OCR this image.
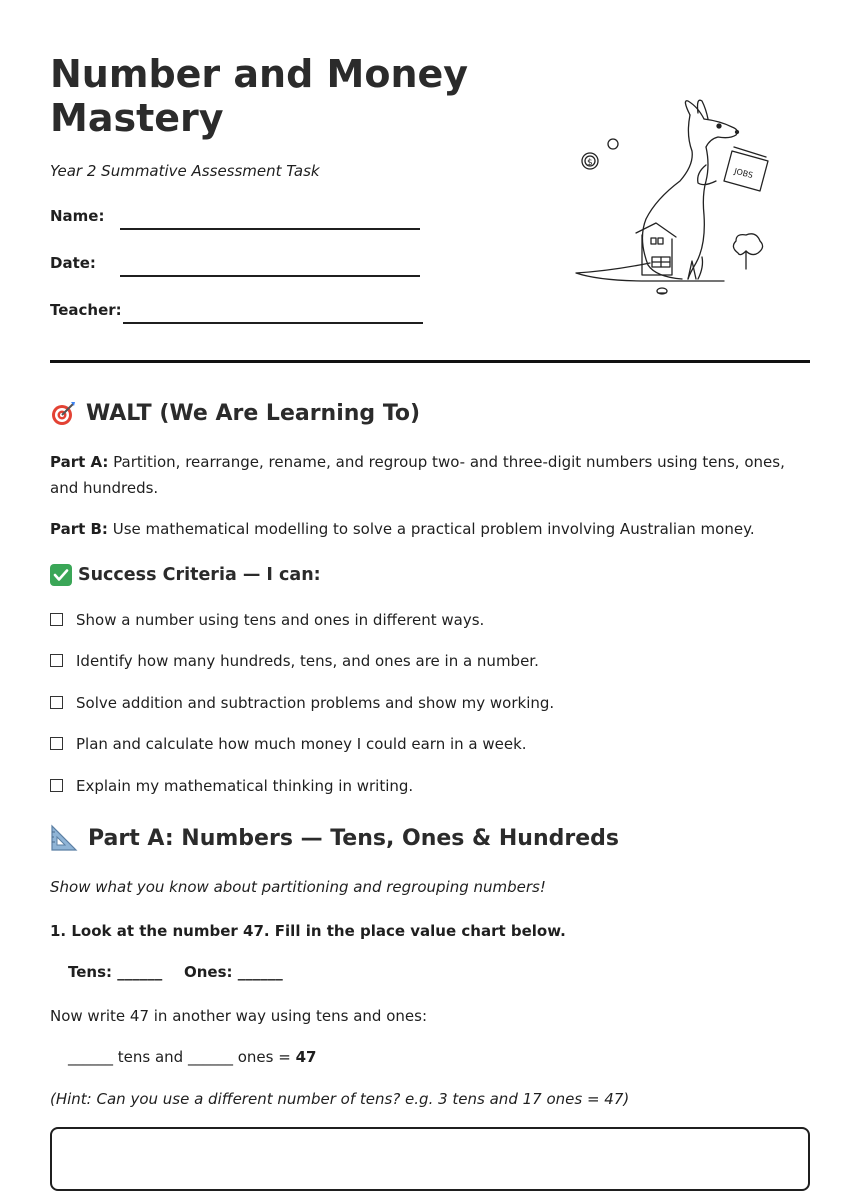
Number and Money Mastery

Year 2 Summative Assessment Task

Name:
Date:
Teacher:
$
JOBS
WALT (We Are Learning To)

Part A: Partition, rearrange, rename, and regroup two- and three-digit numbers using tens, ones, and hundreds.

Part B: Use mathematical modelling to solve a practical problem involving Australian money.

Success Criteria — I can:
Show a number using tens and ones in different ways.
Identify how many hundreds, tens, and ones are in a number.
Solve addition and subtraction problems and show my working.
Plan and calculate how much money I could earn in a week.
Explain my mathematical thinking in writing.
Part A: Numbers — Tens, Ones & Hundreds

Show what you know about partitioning and regrouping numbers!

1. Look at the number 47. Fill in the place value chart below.
Tens: ______ Ones: ______

Now write 47 in another way using tens and ones:

______ tens and ______ ones = 47

(Hint: Can you use a different number of tens? e.g. 3 tens and 17 ones = 47)
